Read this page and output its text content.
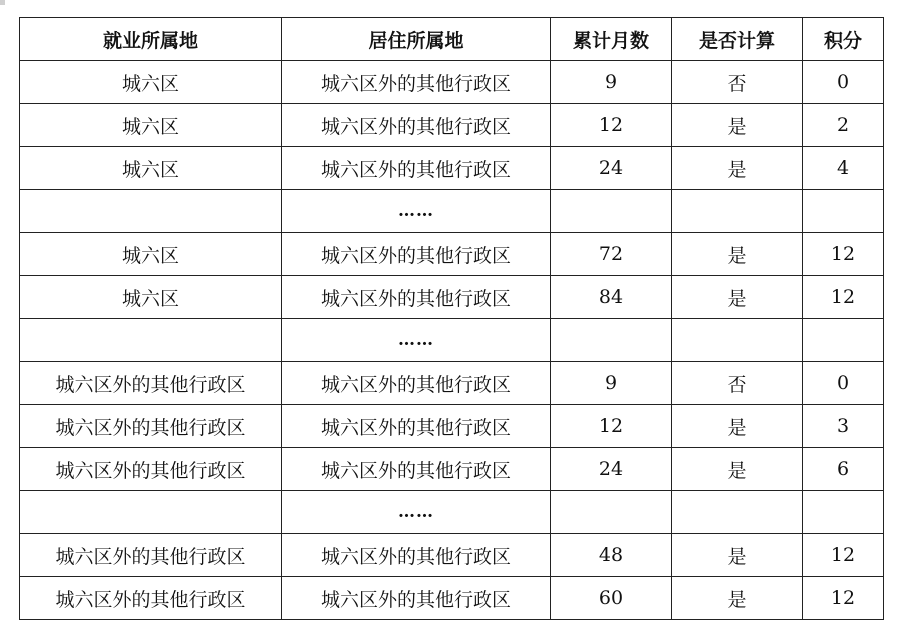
就业所属地	居住所属地	累计月数	是否计算	积分
城六区	城六区外的其他行政区	9	否	0
城六区	城六区外的其他行政区	12	是	2
城六区	城六区外的其他行政区	24	是	4
	……			
城六区	城六区外的其他行政区	72	是	12
城六区	城六区外的其他行政区	84	是	12
	……			
城六区外的其他行政区	城六区外的其他行政区	9	否	0
城六区外的其他行政区	城六区外的其他行政区	12	是	3
城六区外的其他行政区	城六区外的其他行政区	24	是	6
	……			
城六区外的其他行政区	城六区外的其他行政区	48	是	12
城六区外的其他行政区	城六区外的其他行政区	60	是	12
